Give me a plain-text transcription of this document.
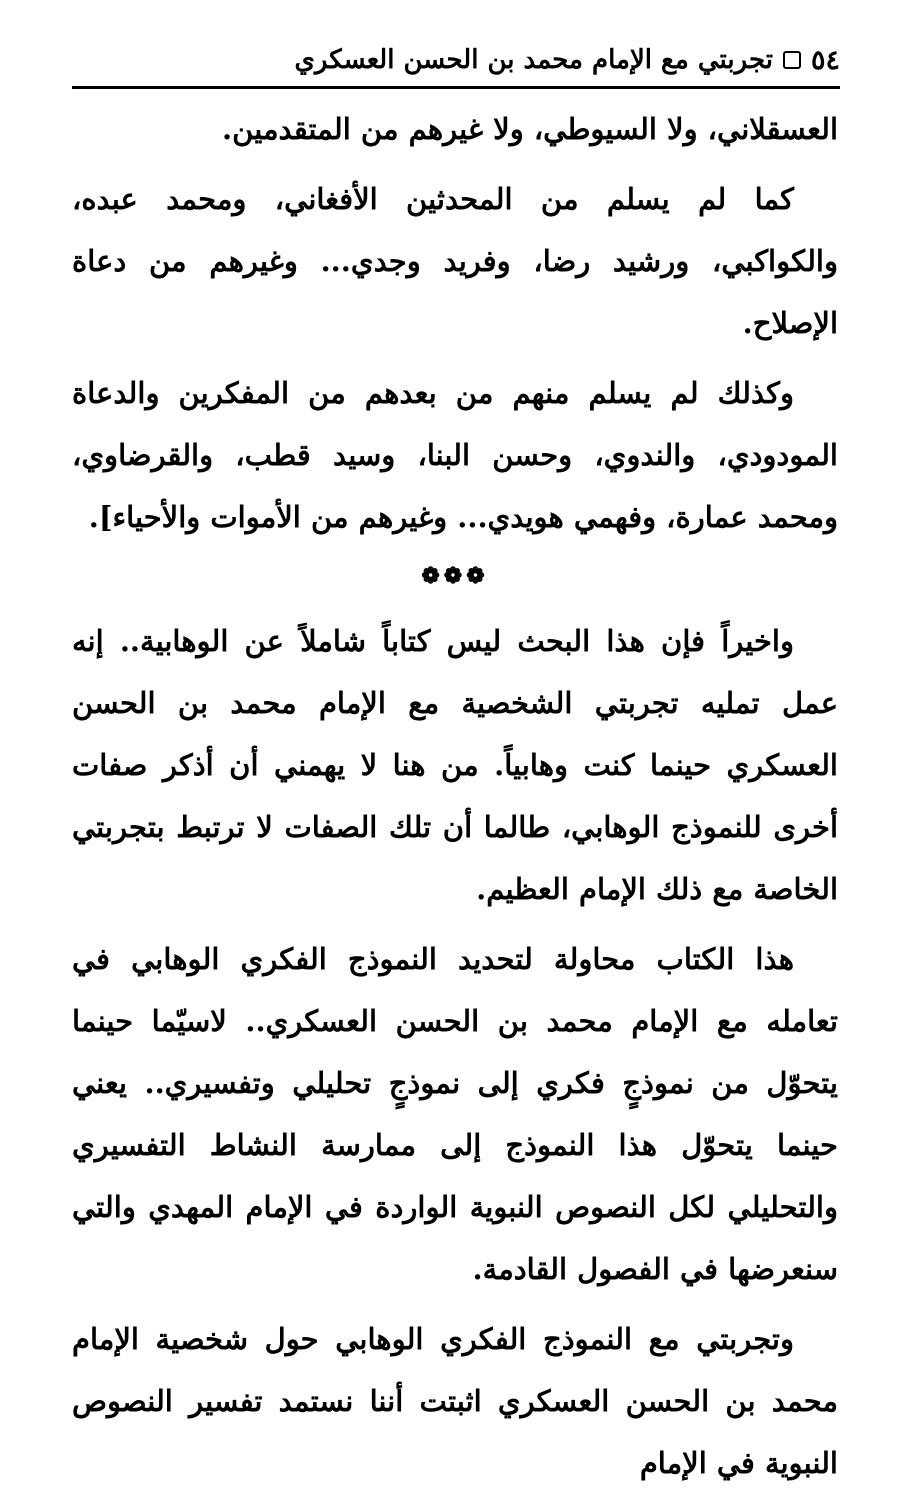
٥٤
تجربتي مع الإمام محمد بن الحسن العسكري

العسقلاني، ولا السيوطي، ولا غيرهم من المتقدمين.

كما لم يسلم من المحدثين الأفغاني، ومحمد عبده، والكواكبي، ورشيد رضا، وفريد وجدي... وغيرهم من دعاة الإصلاح.

وكذلك لم يسلم منهم من بعدهم من المفكرين والدعاة المودودي، والندوي، وحسن البنا، وسيد قطب، والقرضاوي، ومحمد عمارة، وفهمي هويدي... وغيرهم من الأموات والأحياء].

❁❁❁

واخيراً فإن هذا البحث ليس كتاباً شاملاً عن الوهابية.. إنه عمل تمليه تجربتي الشخصية مع الإمام محمد بن الحسن العسكري حينما كنت وهابياً. من هنا لا يهمني أن أذكر صفات أخرى للنموذج الوهابي، طالما أن تلك الصفات لا ترتبط بتجربتي الخاصة مع ذلك الإمام العظيم.

هذا الكتاب محاولة لتحديد النموذج الفكري الوهابي في تعامله مع الإمام محمد بن الحسن العسكري.. لاسيّما حينما يتحوّل من نموذجٍ فكري إلى نموذجٍ تحليلي وتفسيري.. يعني حينما يتحوّل هذا النموذج إلى ممارسة النشاط التفسيري والتحليلي لكل النصوص النبوية الواردة في الإمام المهدي والتي سنعرضها في الفصول القادمة.

وتجربتي مع النموذج الفكري الوهابي حول شخصية الإمام محمد بن الحسن العسكري اثبتت أننا نستمد تفسير النصوص النبوية في الإمام
